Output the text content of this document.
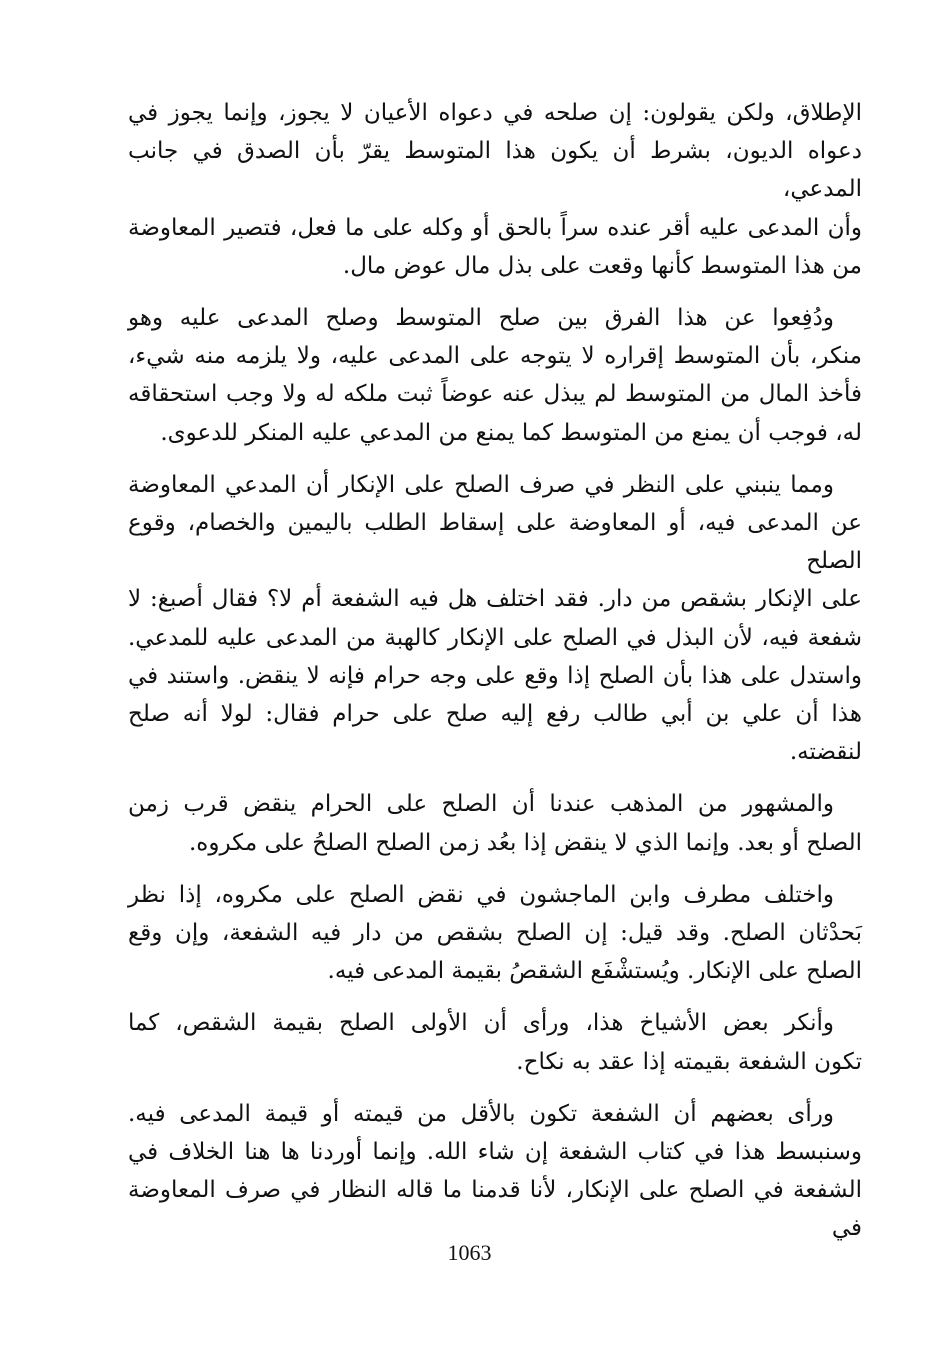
الإطلاق، ولكن يقولون: إن صلحه في دعواه الأعيان لا يجوز، وإنما يجوز في
دعواه الديون، بشرط أن يكون هذا المتوسط يقرّ بأن الصدق في جانب المدعي،
وأن المدعى عليه أقر عنده سراً بالحق أو وكله على ما فعل، فتصير المعاوضة
من هذا المتوسط كأنها وقعت على بذل مال عوض مال.
ودُفِعوا عن هذا الفرق بين صلح المتوسط وصلح المدعى عليه وهو
منكر، بأن المتوسط إقراره لا يتوجه على المدعى عليه، ولا يلزمه منه شيء،
فأخذ المال من المتوسط لم يبذل عنه عوضاً ثبت ملكه له ولا وجب استحقاقه
له، فوجب أن يمنع من المتوسط كما يمنع من المدعي عليه المنكر للدعوى.
ومما ينبني على النظر في صرف الصلح على الإنكار أن المدعي المعاوضة
عن المدعى فيه، أو المعاوضة على إسقاط الطلب باليمين والخصام، وقوع الصلح
على الإنكار بشقص من دار. فقد اختلف هل فيه الشفعة أم لا؟ فقال أصبغ: لا
شفعة فيه، لأن البذل في الصلح على الإنكار كالهبة من المدعى عليه للمدعي.
واستدل على هذا بأن الصلح إذا وقع على وجه حرام فإنه لا ينقض. واستند في
هذا أن علي بن أبي طالب رفع إليه صلح على حرام فقال: لولا أنه صلح لنقضته.
والمشهور من المذهب عندنا أن الصلح على الحرام ينقض قرب زمن
الصلح أو بعد. وإنما الذي لا ينقض إذا بعُد زمن الصلح الصلحُ على مكروه.
واختلف مطرف وابن الماجشون في نقض الصلح على مكروه، إذا نظر
بَحدْثان الصلح. وقد قيل: إن الصلح بشقص من دار فيه الشفعة، وإن وقع
الصلح على الإنكار. ويُستشْفَع الشقصُ بقيمة المدعى فيه.
وأنكر بعض الأشياخ هذا، ورأى أن الأولى الصلح بقيمة الشقص، كما
تكون الشفعة بقيمته إذا عقد به نكاح.
ورأى بعضهم أن الشفعة تكون بالأقل من قيمته أو قيمة المدعى فيه.
وسنبسط هذا في كتاب الشفعة إن شاء الله. وإنما أوردنا ها هنا الخلاف في
الشفعة في الصلح على الإنكار، لأنا قدمنا ما قاله النظار في صرف المعاوضة في
1063
